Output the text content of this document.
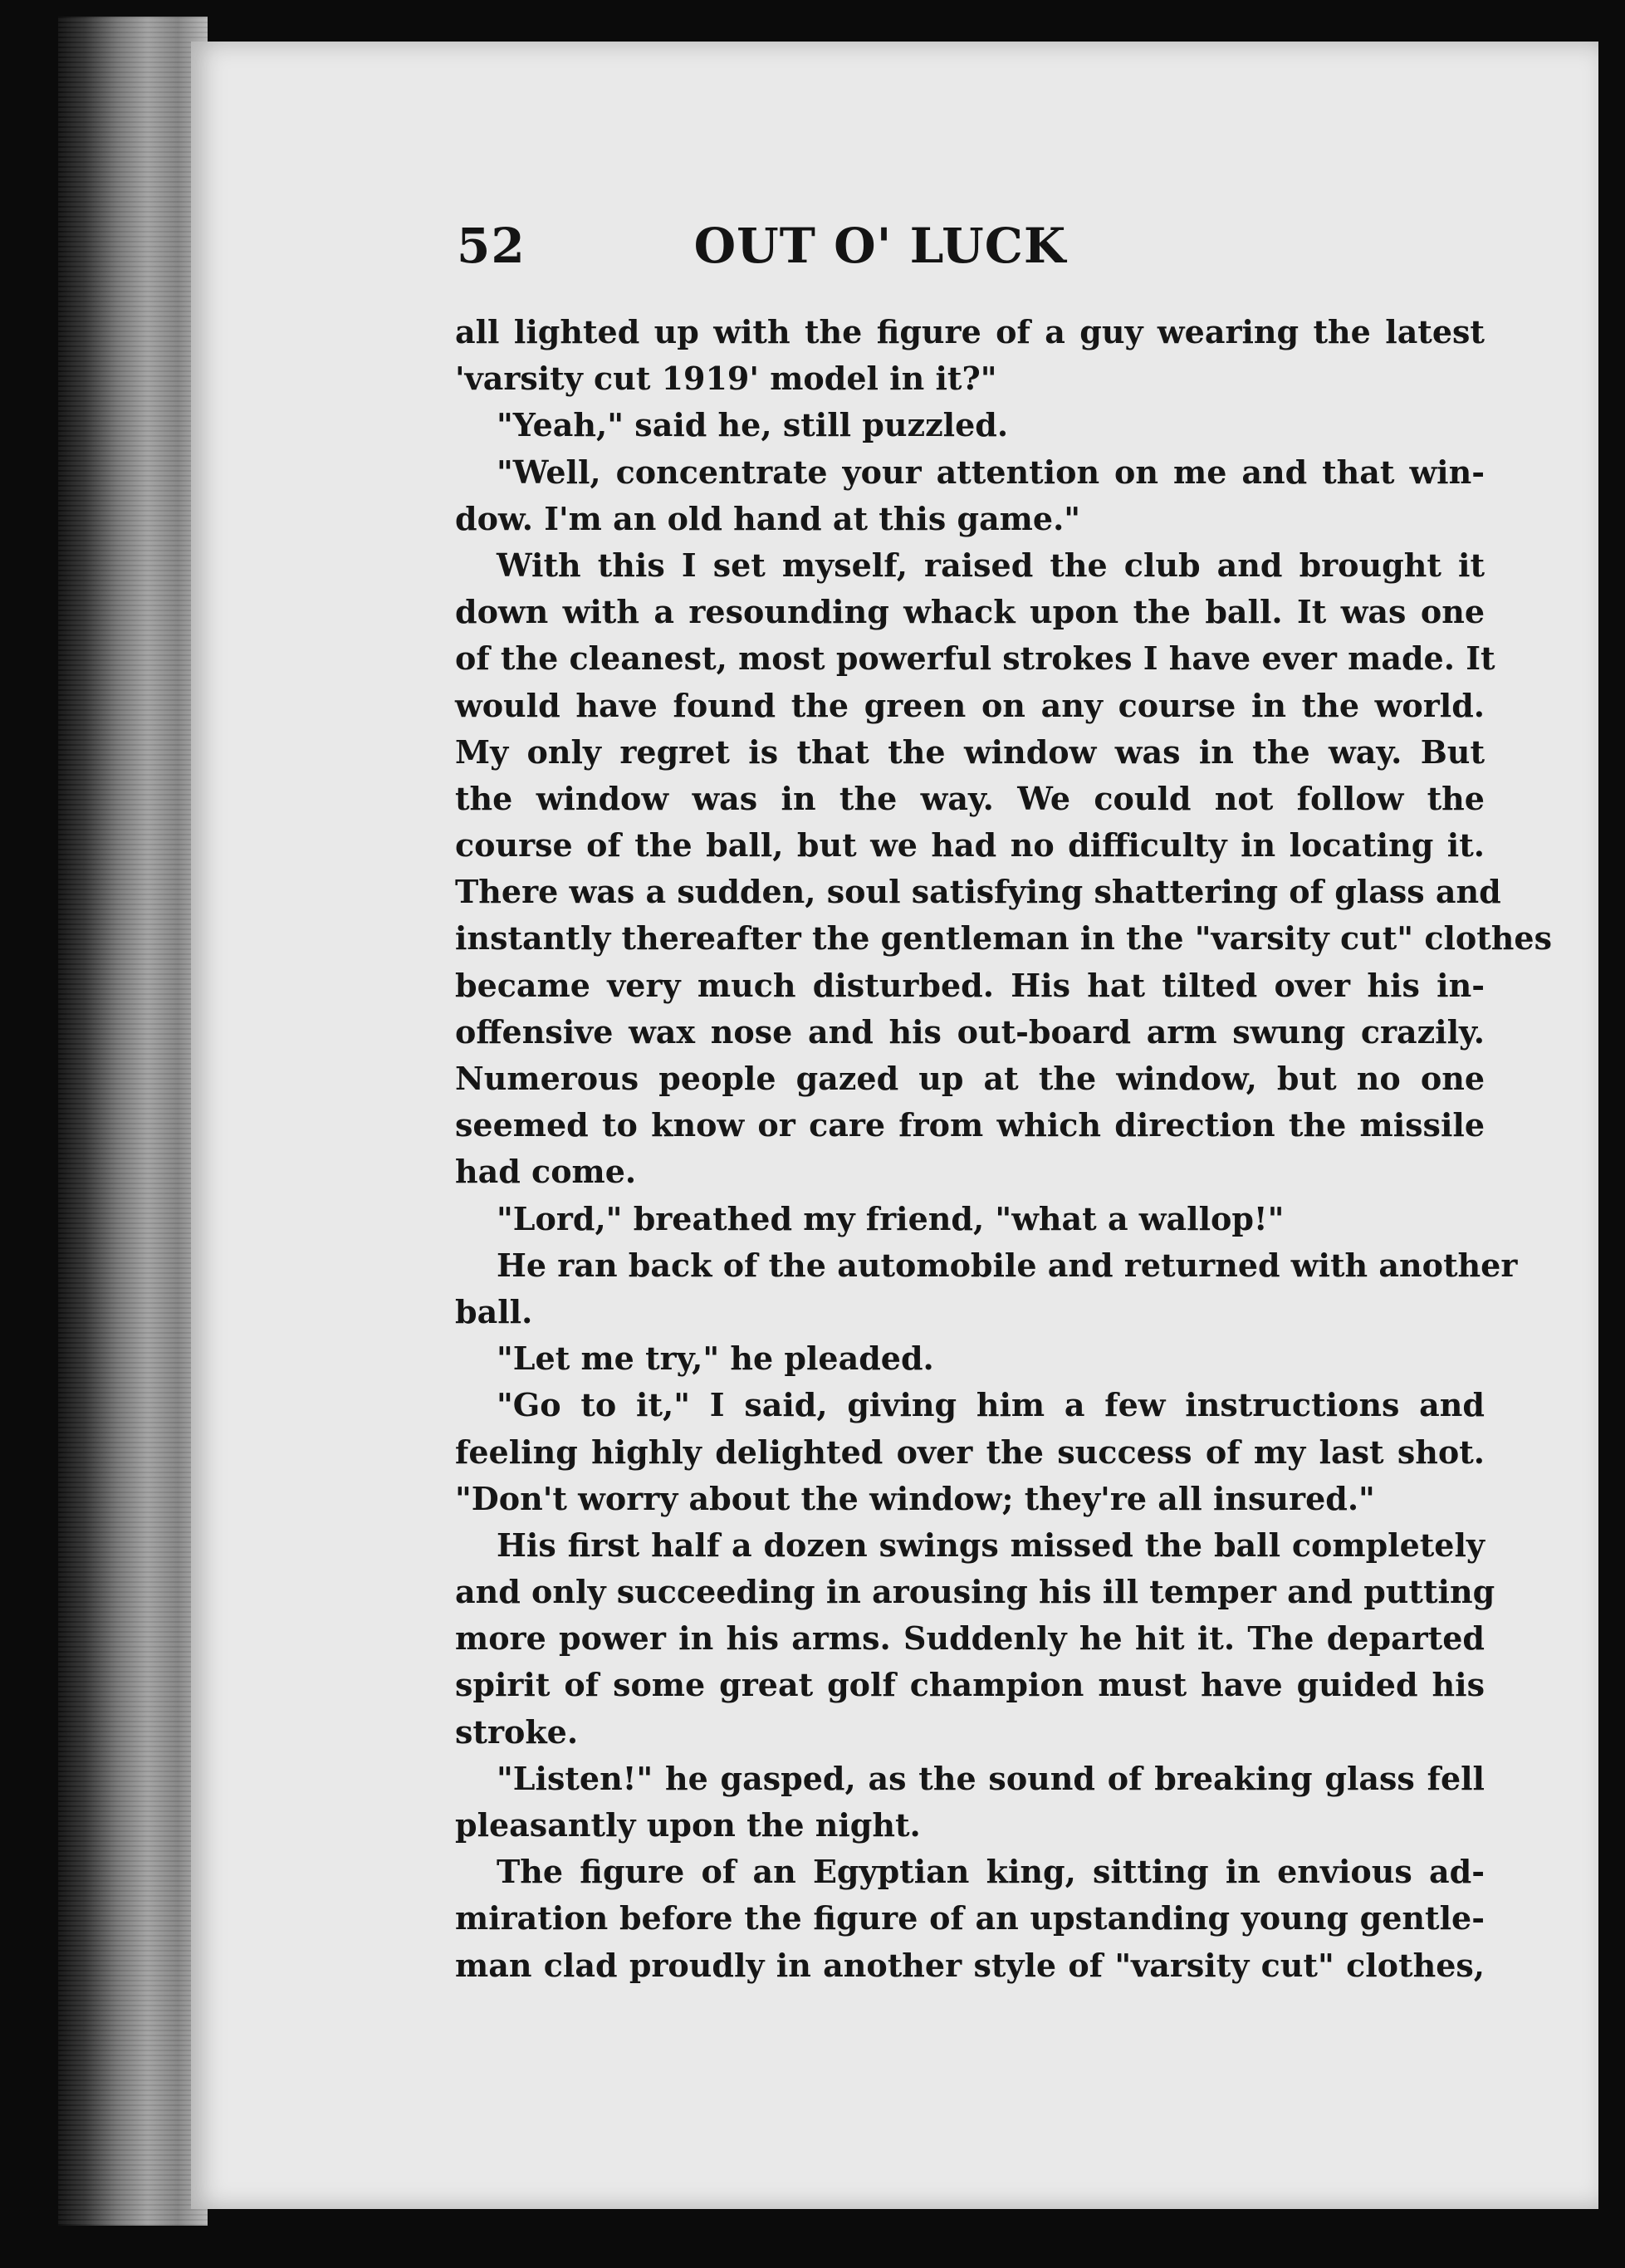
52	OUT O' LUCK
all lighted up with the figure of a guy wearing the latest
'varsity cut 1919' model in it?"
"Yeah," said he, still puzzled.
"Well, concentrate your attention on me and that win-
dow. I'm an old hand at this game."
With this I set myself, raised the club and brought it
down with a resounding whack upon the ball. It was one
of the cleanest, most powerful strokes I have ever made. It
would have found the green on any course in the world.
My only regret is that the window was in the way. But
the window was in the way. We could not follow the
course of the ball, but we had no difficulty in locating it.
There was a sudden, soul satisfying shattering of glass and
instantly thereafter the gentleman in the "varsity cut" clothes
became very much disturbed. His hat tilted over his in-
offensive wax nose and his out-board arm swung crazily.
Numerous people gazed up at the window, but no one
seemed to know or care from which direction the missile
had come.
"Lord," breathed my friend, "what a wallop!"
He ran back of the automobile and returned with another
ball.
"Let me try," he pleaded.
"Go to it," I said, giving him a few instructions and
feeling highly delighted over the success of my last shot.
"Don't worry about the window; they're all insured."
His first half a dozen swings missed the ball completely
and only succeeding in arousing his ill temper and putting
more power in his arms. Suddenly he hit it. The departed
spirit of some great golf champion must have guided his
stroke.
"Listen!" he gasped, as the sound of breaking glass fell
pleasantly upon the night.
The figure of an Egyptian king, sitting in envious ad-
miration before the figure of an upstanding young gentle-
man clad proudly in another style of "varsity cut" clothes,
